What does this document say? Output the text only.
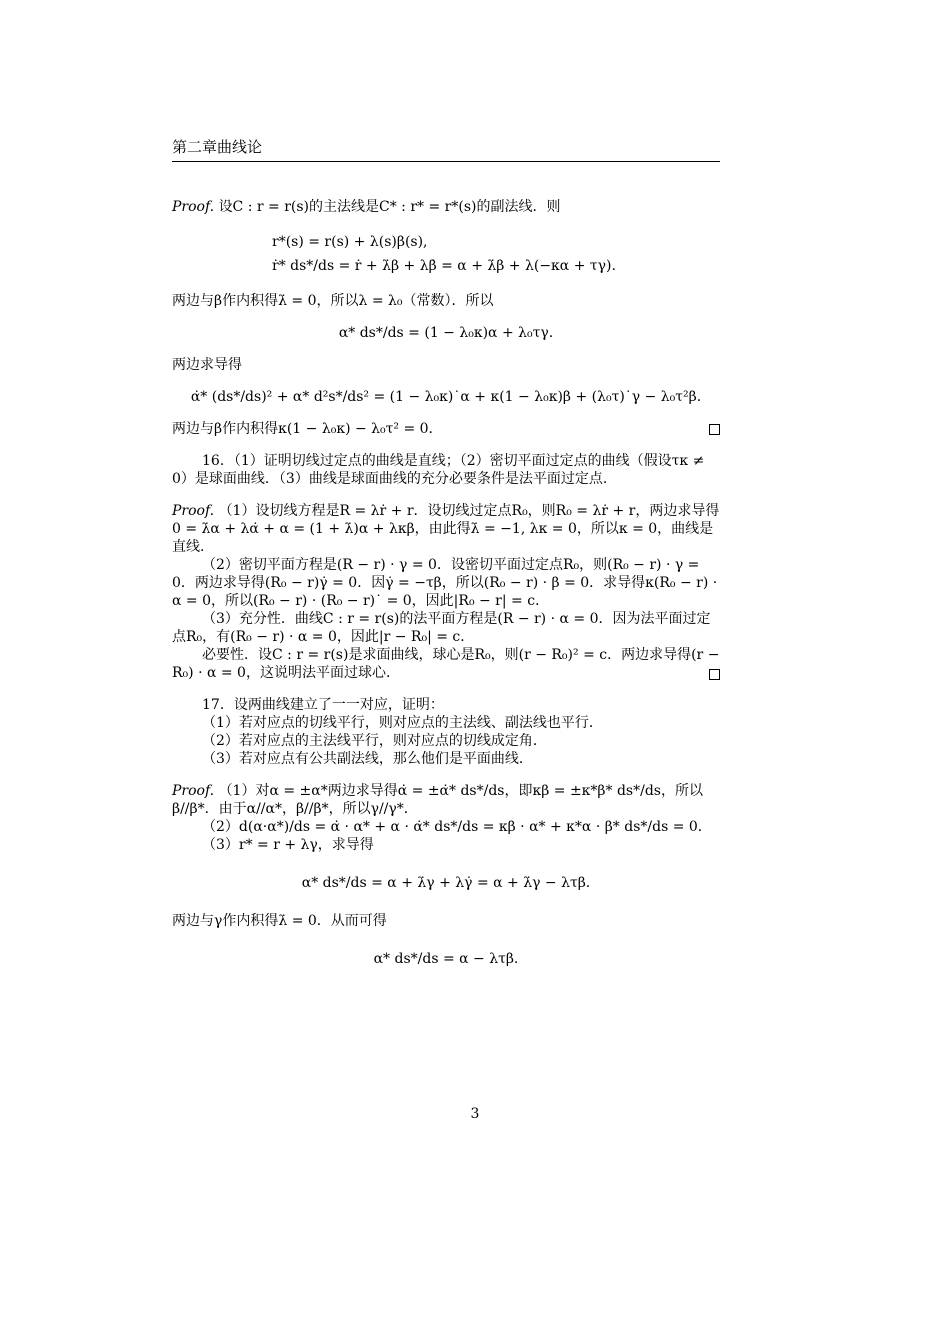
第二章曲线论

Proof. 设C : r = r(s)的主法线是C* : r* = r*(s)的副法线．则

r*(s) = r(s) + λ(s)β(s),
ṙ* ds*/ds = ṙ + λ̇β + λβ̇ = α + λ̇β + λ(−κα + τγ).

两边与β作内积得λ̇ = 0，所以λ = λ₀（常数）．所以

α* ds*/ds = (1 − λ₀κ)α + λ₀τγ.

两边求导得

α̇* (ds*/ds)² + α* d²s*/ds² = (1 − λ₀κ)˙α + κ(1 − λ₀κ)β + (λ₀τ)˙γ − λ₀τ²β.
两边与β作内积得κ(1 − λ₀κ) − λ₀τ² = 0．

16．（1）证明切线过定点的曲线是直线；（2）密切平面过定点的曲线（假设τκ ≠ 0）是球面曲线．（3）曲线是球面曲线的充分必要条件是法平面过定点．

Proof. （1）设切线方程是R = λṙ + r．设切线过定点R₀，则R₀ = λṙ + r，两边求导得0 = λ̇α + λα̇ + α = (1 + λ̇)α + λκβ，由此得λ̇ = −1, λκ = 0，所以κ = 0，曲线是直线．

（2）密切平面方程是(R − r) · γ = 0．设密切平面过定点R₀，则(R₀ − r) · γ = 0．两边求导得(R₀ − r)γ̇ = 0．因γ̇ = −τβ，所以(R₀ − r) · β = 0．求导得κ(R₀ − r) · α = 0，所以(R₀ − r) · (R₀ − r)˙ = 0，因此|R₀ − r| = c．

（3）充分性．曲线C : r = r(s)的法平面方程是(R − r) · α = 0．因为法平面过定点R₀，有(R₀ − r) · α = 0，因此|r − R₀| = c．

必要性．设C : r = r(s)是求面曲线，球心是R₀，则(r − R₀)² = c．两边求导得(r − R₀) · α = 0，这说明法平面过球心．

17．设两曲线建立了一一对应，证明：

（1）若对应点的切线平行，则对应点的主法线、副法线也平行．

（2）若对应点的主法线平行，则对应点的切线成定角．

（3）若对应点有公共副法线，那么他们是平面曲线．

Proof. （1）对α = ±α*两边求导得α̇ = ±α̇* ds*/ds，即κβ = ±κ*β* ds*/ds，所以β//β*．由于α//α*，β//β*，所以γ//γ*．

（2）d(α·α*)/ds = α̇ · α* + α · α̇* ds*/ds = κβ · α* + κ*α · β* ds*/ds = 0．

（3）r* = r + λγ，求导得

α* ds*/ds = α + λ̇γ + λγ̇ = α + λ̇γ − λτβ.

两边与γ作内积得λ̇ = 0．从而可得

α* ds*/ds = α − λτβ.
3
